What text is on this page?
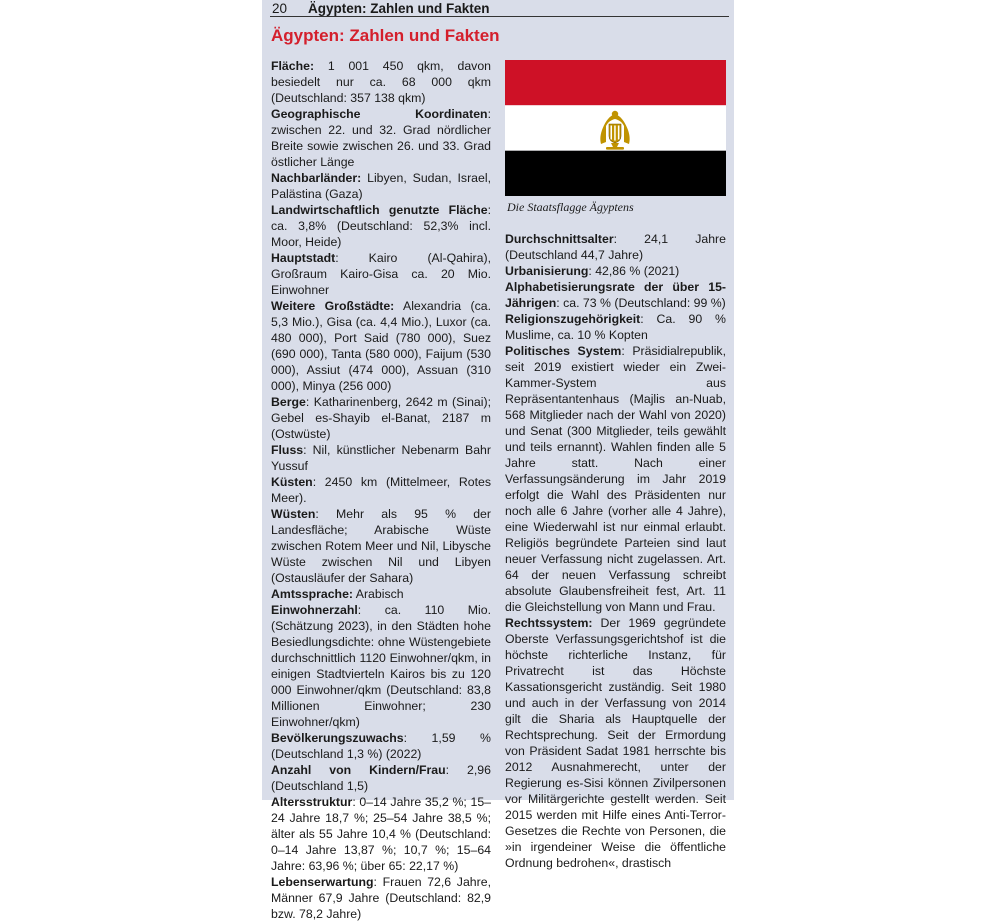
20 Ägypten: Zahlen und Fakten
Ägypten: Zahlen und Fakten

Fläche: 1 001 450 qkm, davon besiedelt nur ca. 68 000 qkm (Deutschland: 357 138 qkm)

Geographische Koordinaten: zwischen 22. und 32. Grad nördlicher Breite sowie zwischen 26. und 33. Grad östlicher Länge

Nachbarländer: Libyen, Sudan, Israel, Palästina (Gaza)

Landwirtschaftlich genutzte Fläche: ca. 3,8% (Deutschland: 52,3% incl. Moor, Heide)

Hauptstadt: Kairo (Al-Qahira), Großraum Kairo-Gisa ca. 20 Mio. Einwohner

Weitere Großstädte: Alexandria (ca. 5,3 Mio.), Gisa (ca. 4,4 Mio.), Luxor (ca. 480 000), Port Said (780 000), Suez (690 000), Tanta (580 000), Faijum (530 000), Assiut (474 000), Assuan (310 000), Minya (256 000)

Berge: Katharinenberg, 2642 m (Sinai); Gebel es-Shayib el-Banat, 2187 m (Ostwüste)

Fluss: Nil, künstlicher Nebenarm Bahr Yussuf

Küsten: 2450 km (Mittelmeer, Rotes Meer).

Wüsten: Mehr als 95 % der Landesfläche; Arabische Wüste zwischen Rotem Meer und Nil, Libysche Wüste zwischen Nil und Libyen (Ostausläufer der Sahara)

Amtssprache: Arabisch

Einwohnerzahl: ca. 110 Mio. (Schätzung 2023), in den Städten hohe Besiedlungsdichte: ohne Wüstengebiete durchschnittlich 1120 Einwohner/qkm, in einigen Stadtvierteln Kairos bis zu 120 000 Einwohner/qkm (Deutschland: 83,8 Millionen Einwohner; 230 Einwohner/qkm)

Bevölkerungszuwachs: 1,59 % (Deutschland 1,3 %) (2022)

Anzahl von Kindern/Frau: 2,96 (Deutschland 1,5)

Altersstruktur: 0–14 Jahre 35,2 %; 15–24 Jahre 18,7 %; 25–54 Jahre 38,5 %; älter als 55 Jahre 10,4 % (Deutschland: 0–14 Jahre 13,87 %; 10,7 %; 15–64 Jahre: 63,96 %; über 65: 22,17 %)

Lebenserwartung: Frauen 72,6 Jahre, Männer 67,9 Jahre (Deutschland: 82,9 bzw. 78,2 Jahre)

Die Staatsflagge Ägyptens

Durchschnittsalter: 24,1 Jahre (Deutschland 44,7 Jahre)

Urbanisierung: 42,86 % (2021)

Alphabetisierungsrate der über 15-Jährigen: ca. 73 % (Deutschland: 99 %)

Religionszugehörigkeit: Ca. 90 % Muslime, ca. 10 % Kopten

Politisches System: Präsidialrepublik, seit 2019 existiert wieder ein Zwei-Kammer-System aus Repräsentantenhaus (Majlis an-Nuab, 568 Mitglieder nach der Wahl von 2020) und Senat (300 Mitglieder, teils gewählt und teils ernannt). Wahlen finden alle 5 Jahre statt. Nach einer Verfassungsänderung im Jahr 2019 erfolgt die Wahl des Präsidenten nur noch alle 6 Jahre (vorher alle 4 Jahre), eine Wiederwahl ist nur einmal erlaubt. Religiös begründete Parteien sind laut neuer Verfassung nicht zugelassen. Art. 64 der neuen Verfassung schreibt absolute Glaubensfreiheit fest, Art. 11 die Gleichstellung von Mann und Frau.

Rechtssystem: Der 1969 gegründete Oberste Verfassungsgerichtshof ist die höchste richterliche Instanz, für Privatrecht ist das Höchste Kassationsgericht zuständig. Seit 1980 und auch in der Verfassung von 2014 gilt die Sharia als Hauptquelle der Rechtsprechung. Seit der Ermordung von Präsident Sadat 1981 herrschte bis 2012 Ausnahmerecht, unter der Regierung es-Sisi können Zivilpersonen vor Militärgerichte gestellt werden. Seit 2015 werden mit Hilfe eines Anti-Terror-Gesetzes die Rechte von Personen, die »in irgendeiner Weise die öffentliche Ordnung bedrohen«, drastisch
